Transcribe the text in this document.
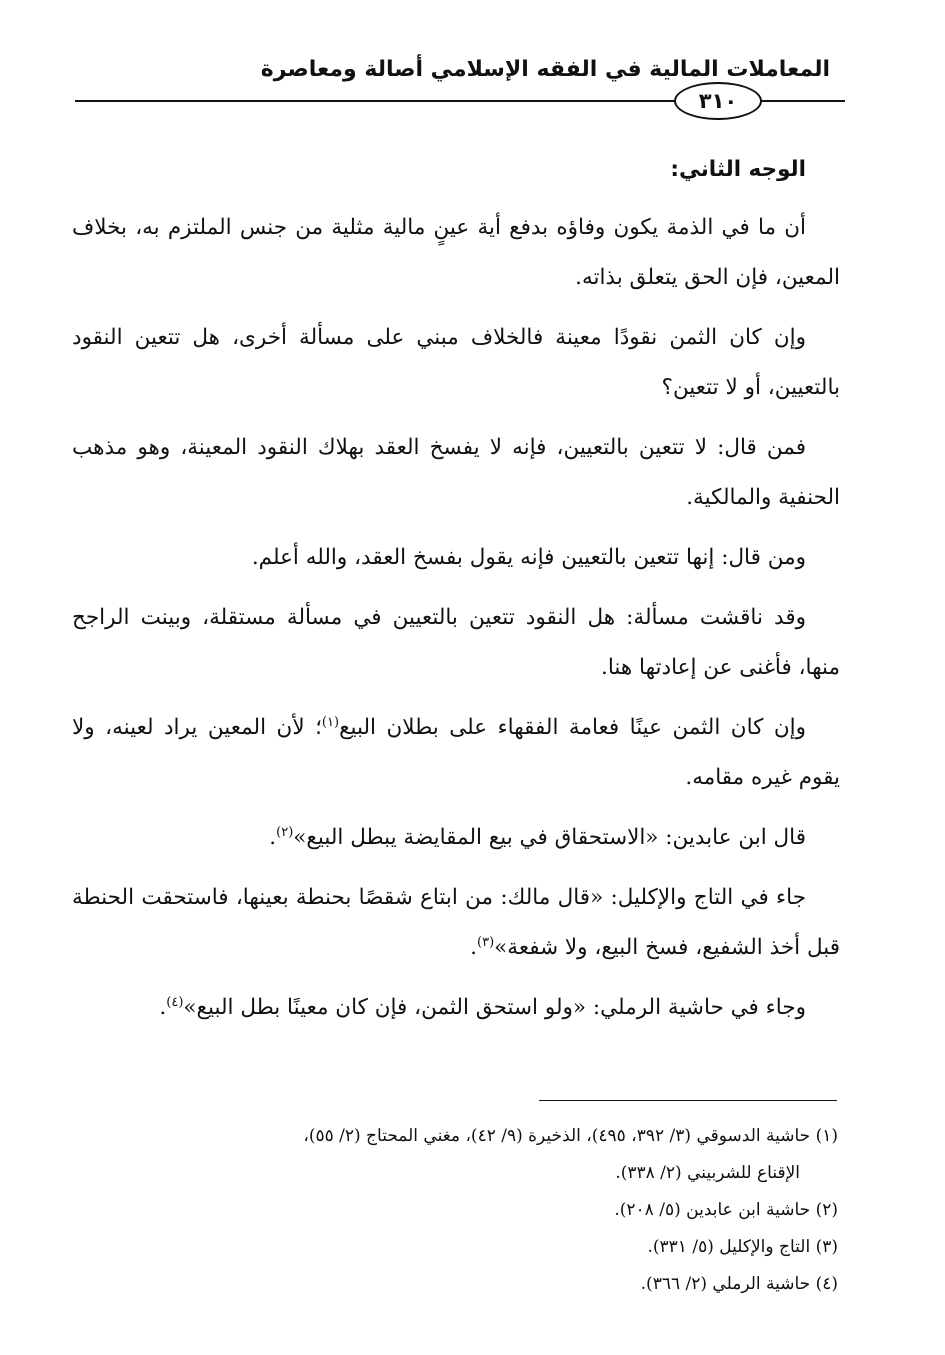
المعاملات المالية في الفقه الإسلامي أصالة ومعاصرة
٣١٠

الوجه الثاني:

أن ما في الذمة يكون وفاؤه بدفع أية عينٍ مالية مثلية من جنس الملتزم به، بخلاف المعين، فإن الحق يتعلق بذاته.

وإن كان الثمن نقودًا معينة فالخلاف مبني على مسألة أخرى، هل تتعين النقود بالتعيين، أو لا تتعين؟

فمن قال: لا تتعين بالتعيين، فإنه لا يفسخ العقد بهلاك النقود المعينة، وهو مذهب الحنفية والمالكية.

ومن قال: إنها تتعين بالتعيين فإنه يقول بفسخ العقد، والله أعلم.

وقد ناقشت مسألة: هل النقود تتعين بالتعيين في مسألة مستقلة، وبينت الراجح منها، فأغنى عن إعادتها هنا.

وإن كان الثمن عينًا فعامة الفقهاء على بطلان البيع$^{(١)}$؛ لأن المعين يراد لعينه، ولا يقوم غيره مقامه.

قال ابن عابدين: «الاستحقاق في بيع المقايضة يبطل البيع»$^{(٢)}$.

جاء في التاج والإكليل: «قال مالك: من ابتاع شقصًا بحنطة بعينها، فاستحقت الحنطة قبل أخذ الشفيع، فسخ البيع، ولا شفعة»$^{(٣)}$.

وجاء في حاشية الرملي: «ولو استحق الثمن، فإن كان معينًا بطل البيع»$^{(٤)}$.

(١) حاشية الدسوقي (٣/ ٣٩٢، ٤٩٥)، الذخيرة (٩/ ٤٢)، مغني المحتاج (٢/ ٥٥)،
الإقناع للشربيني (٢/ ٣٣٨).

(٢) حاشية ابن عابدين (٥/ ٢٠٨).

(٣) التاج والإكليل (٥/ ٣٣١).

(٤) حاشية الرملي (٢/ ٣٦٦).
